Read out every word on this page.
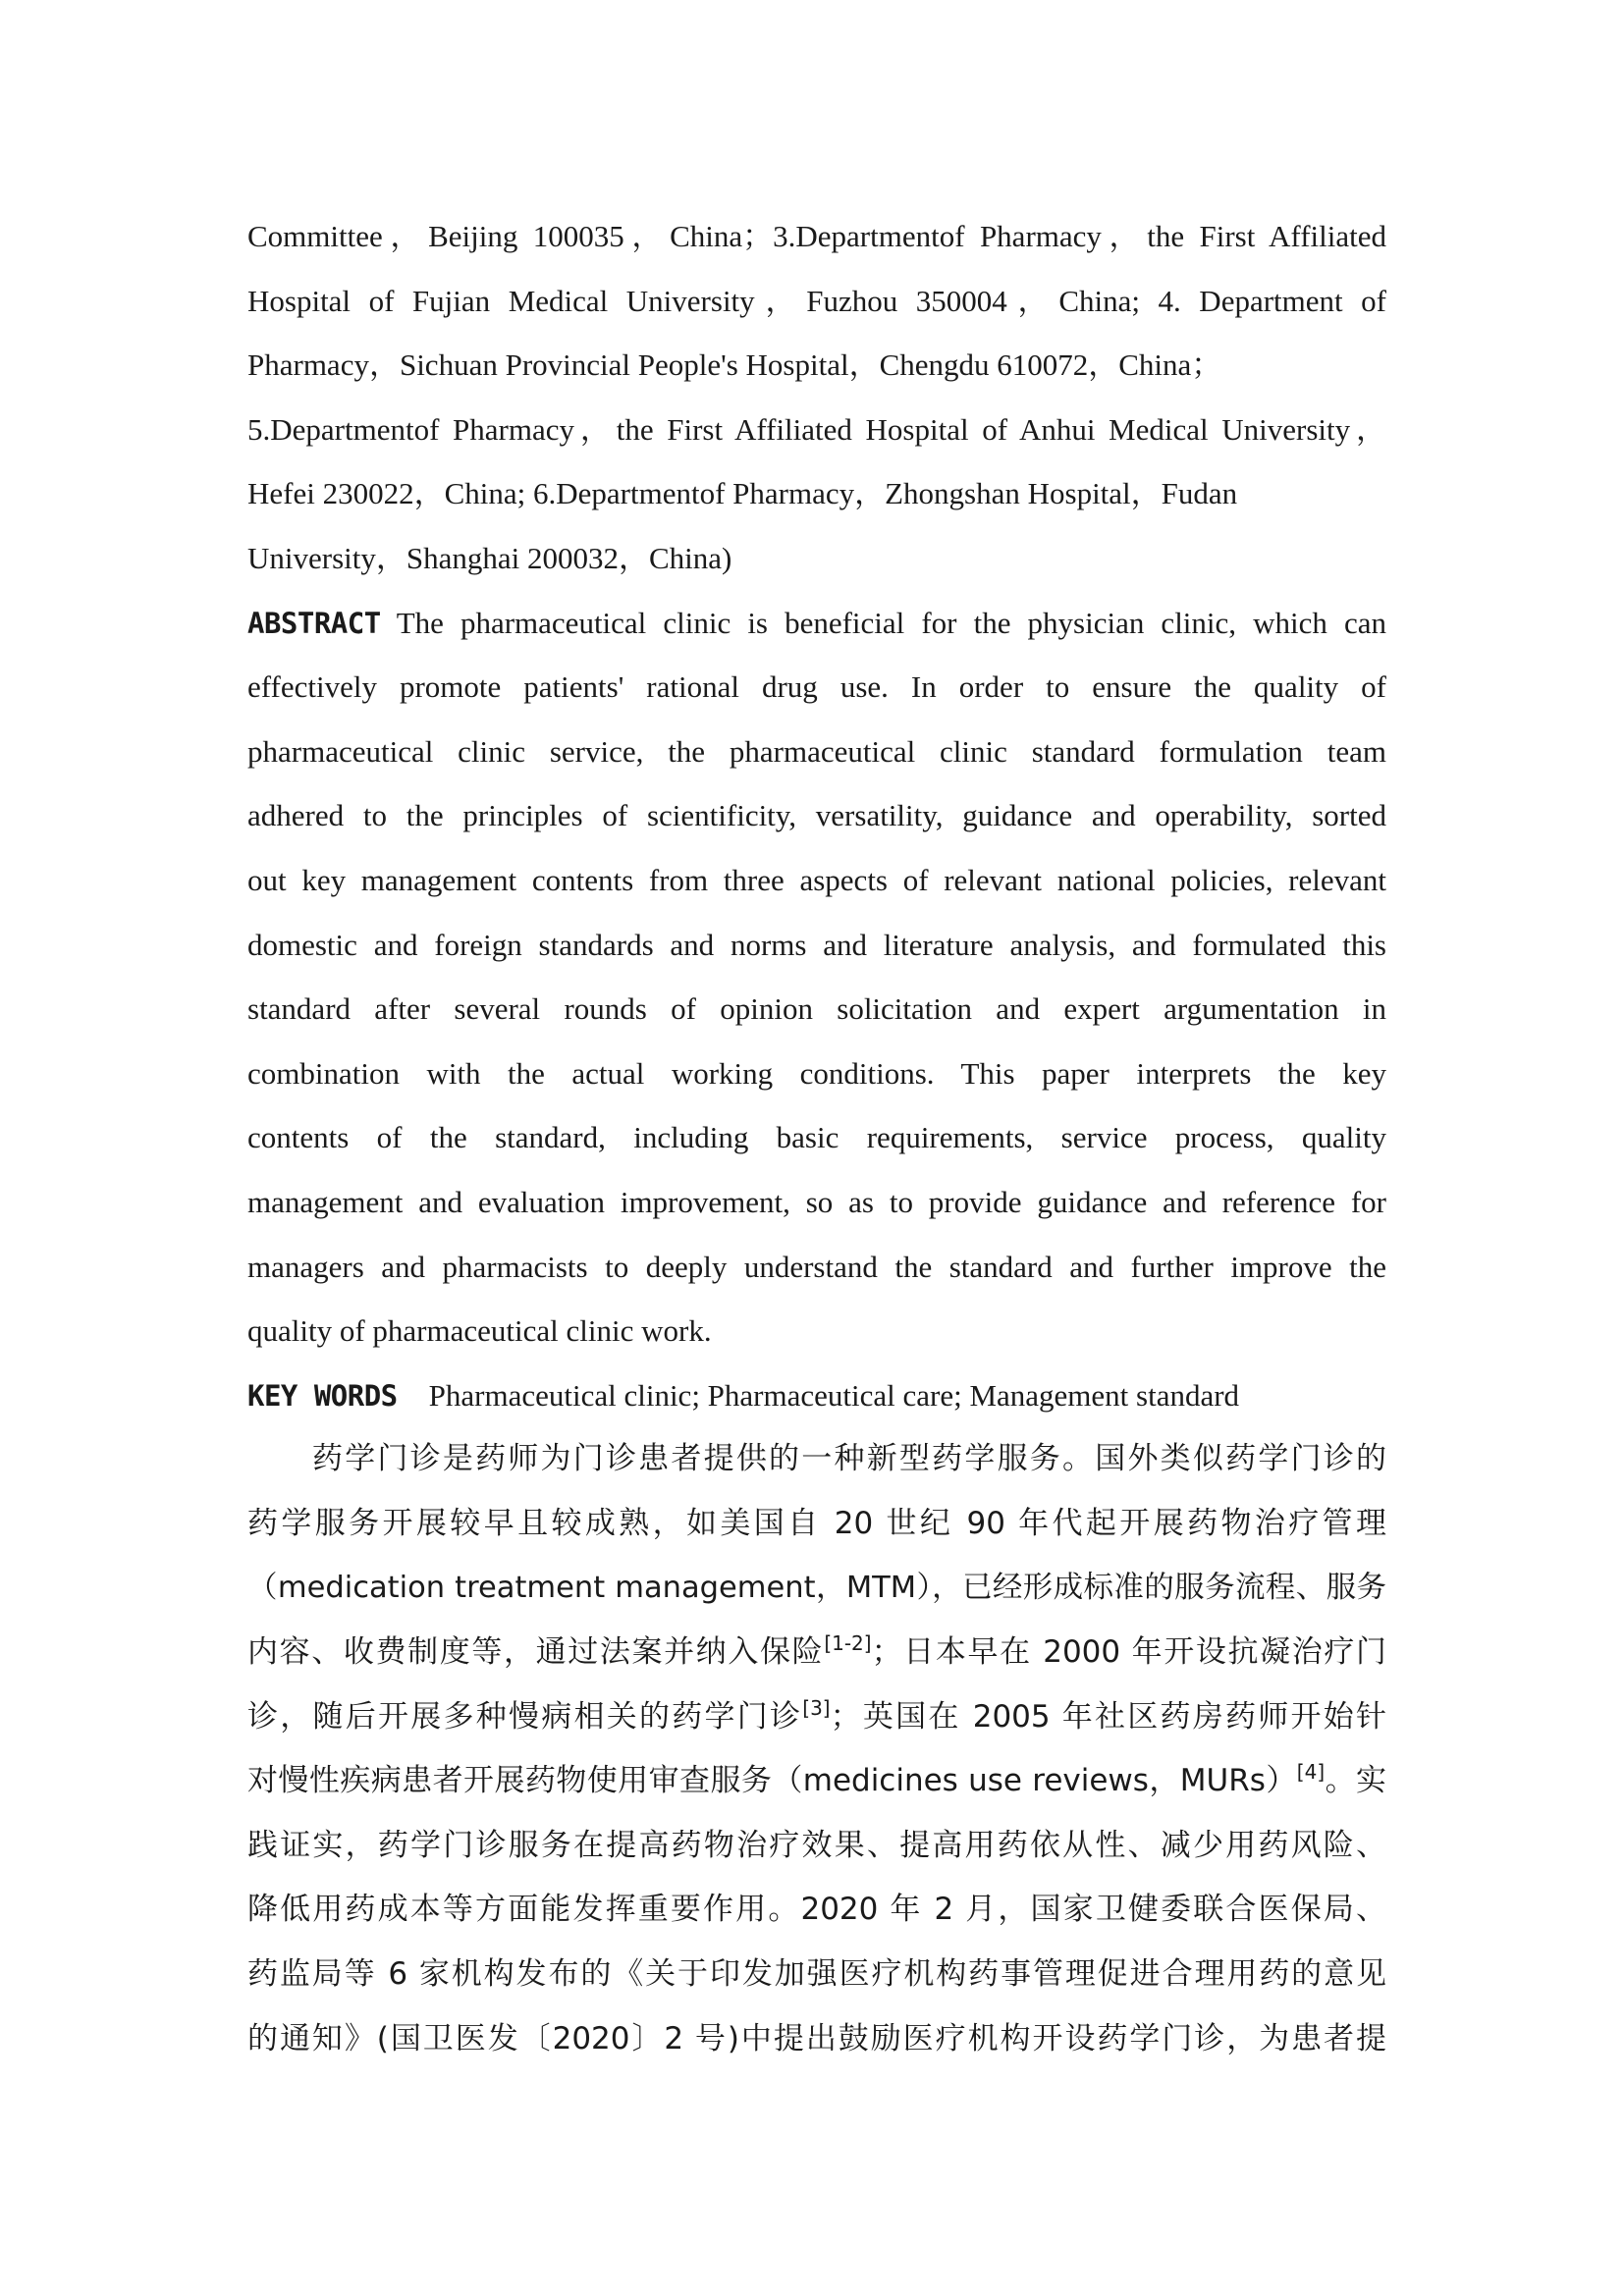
Committee，Beijing 100035，China；3.Departmentof Pharmacy，the First Affiliated
Hospital of Fujian Medical University，Fuzhou 350004，China; 4. Department of
Pharmacy，Sichuan Provincial People's Hospital，Chengdu 610072，China；
5.Departmentof Pharmacy，the First Affiliated Hospital of Anhui Medical University，
Hefei 230022，China; 6.Departmentof Pharmacy，Zhongshan Hospital，Fudan
University，Shanghai 200032，China)
ABSTRACT The pharmaceutical clinic is beneficial for the physician clinic, which can
effectively promote patients' rational drug use. In order to ensure the quality of
pharmaceutical clinic service, the pharmaceutical clinic standard formulation team
adhered to the principles of scientificity, versatility, guidance and operability, sorted
out key management contents from three aspects of relevant national policies, relevant
domestic and foreign standards and norms and literature analysis, and formulated this
standard after several rounds of opinion solicitation and expert argumentation in
combination with the actual working conditions. This paper interprets the key
contents of the standard, including basic requirements, service process, quality
management and evaluation improvement, so as to provide guidance and reference for
managers and pharmacists to deeply understand the standard and further improve the
quality of pharmaceutical clinic work.
KEY WORDS Pharmaceutical clinic; Pharmaceutical care; Management standard
药学门诊是药师为门诊患者提供的一种新型药学服务。国外类似药学门诊的
药学服务开展较早且较成熟，如美国自 20 世纪 90 年代起开展药物治疗管理
（medication treatment management，MTM），已经形成标准的服务流程、服务
内容、收费制度等，通过法案并纳入保险[1-2]；日本早在 2000 年开设抗凝治疗门
诊，随后开展多种慢病相关的药学门诊[3]；英国在 2005 年社区药房药师开始针
对慢性疾病患者开展药物使用审查服务（medicines use reviews，MURs）[4]。实
践证实，药学门诊服务在提高药物治疗效果、提高用药依从性、减少用药风险、
降低用药成本等方面能发挥重要作用。2020 年 2 月，国家卫健委联合医保局、
药监局等 6 家机构发布的《关于印发加强医疗机构药事管理促进合理用药的意见
的通知》(国卫医发〔2020〕2 号)中提出鼓励医疗机构开设药学门诊，为患者提
